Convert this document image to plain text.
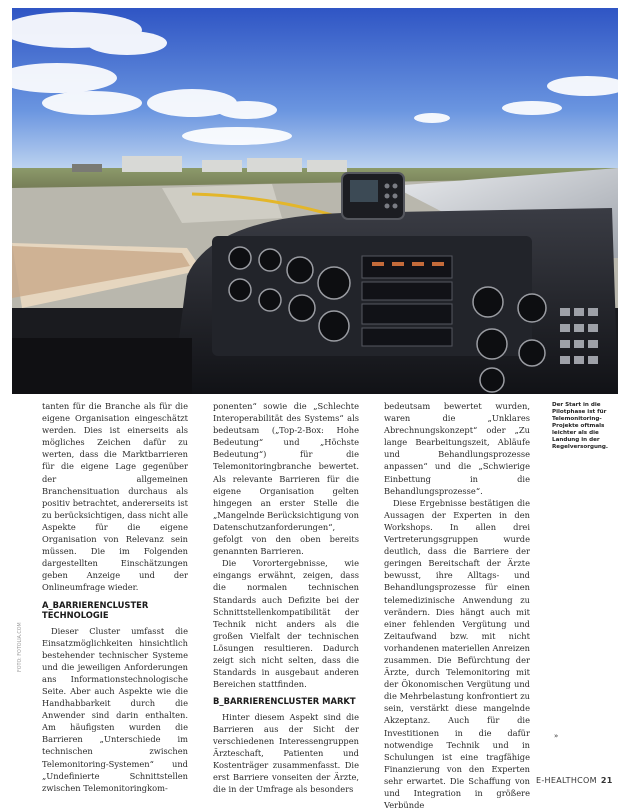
Der Start in die Pilotphase ist für Telemonitoring-Projekte oftmals leichter als die Landung in der Regelversorgung.

tanten für die Branche als für die eigene Organisation eingeschätzt werden. Dies ist einerseits als mögliches Zeichen dafür zu werten, dass die Marktbarrieren für die eigene Lage gegenüber der allgemeinen Branchensituation durchaus als positiv betrachtet, andererseits ist zu berücksichtigen, dass nicht alle Aspekte für die eigene Organisation von Relevanz sein müssen. Die im Folgenden dargestellten Einschätzungen geben Anzeige und der Onlineumfrage wieder.

A_BARRIERENCLUSTER TECHNOLOGIE

Dieser Cluster umfasst die Einsatzmöglichkeiten hinsichtlich bestehender technischer Systeme und die jeweiligen Anforderungen ans Informationstechnologische Seite. Aber auch Aspekte wie die Handhabbarkeit durch die Anwender sind darin enthalten. Am häufigsten wurden die Barrieren „Unterschiede im technischen zwischen Telemonitoring-Systemen“ und „Undefinierte Schnittstellen zwischen Telemonitoringkom-

ponenten“ sowie die „Schlechte Interoperabilität des Systems“ als bedeutsam („Top-2-Box: Hohe Bedeutung“ und „Höchste Bedeutung“) für die Telemonitoringbranche bewertet. Als relevante Barrieren für die eigene Organisation gelten hingegen an erster Stelle die „Mangelnde Berücksichtigung von Datenschutzanforderungen“, gefolgt von den oben bereits genannten Barrieren.

Die Vorortergebnisse, wie eingangs erwähnt, zeigen, dass die normalen technischen Standards auch Defizite bei der Schnittstellenkompatibilität der Technik nicht anders als die großen Vielfalt der technischen Lösungen resultieren. Dadurch zeigt sich nicht selten, dass die Standards in ausgebaut anderen Bereichen stattfinden.

B_BARRIERENCLUSTER MARKT

Hinter diesem Aspekt sind die Barrieren aus der Sicht der verschiedenen Interessengruppen Ärzteschaft, Patienten und Kostenträger zusammenfasst. Die erst Barriere vonseiten der Ärzte, die in der Umfrage als besonders

bedeutsam bewertet wurden, waren die „Unklares Abrechnungskonzept“ oder „Zu lange Bearbeitungszeit, Abläufe und Behandlungsprozesse anpassen“ und die „Schwierige Einbettung in die Behandlungsprozesse“.

Diese Ergebnisse bestätigen die Aussagen der Experten in den Workshops. In allen drei Vertreterungsgruppen wurde deutlich, dass die Barriere der geringen Bereitschaft der Ärzte bewusst, ihre Alltags- und Behandlungsprozesse für einen telemedizinische Anwendung zu verändern. Dies hängt auch mit einer fehlenden Vergütung und Zeitaufwand bzw. mit nicht vorhandenen materiellen Anreizen zusammen. Die Befürchtung der Ärzte, durch Telemonitoring mit der Ökonomischen Vergütung und die Mehrbelastung konfrontiert zu sein, verstärkt diese mangelnde Akzeptanz. Auch für die Investitionen in die dafür notwendige Technik und in Schulungen ist eine tragfähige Finanzierung von den Experten sehr erwartet. Die Schaffung von und Integration in größere Verbünde

FOTO: FOTOLIA.COM
»
E-HEALTHCOM 21
